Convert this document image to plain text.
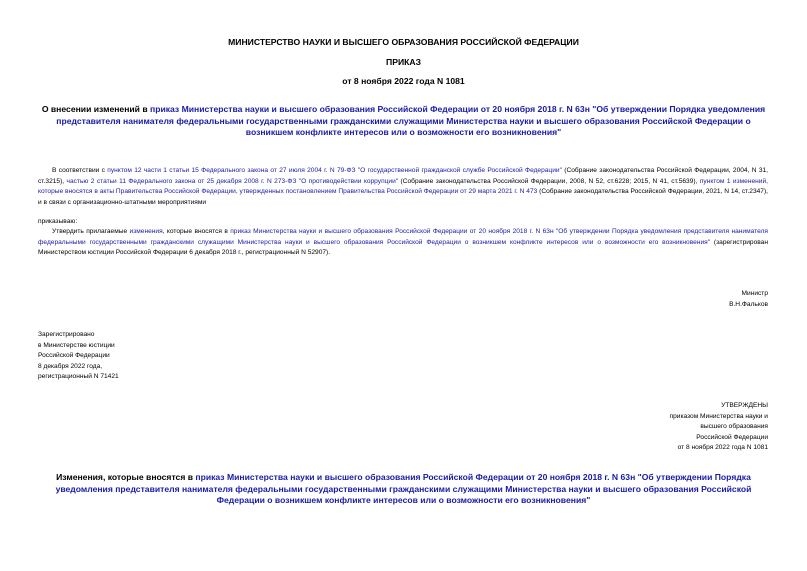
МИНИСТЕРСТВО НАУКИ И ВЫСШЕГО ОБРАЗОВАНИЯ РОССИЙСКОЙ ФЕДЕРАЦИИ
ПРИКАЗ
от 8 ноября 2022 года N 1081
О внесении изменений в приказ Министерства науки и высшего образования Российской Федерации от 20 ноября 2018 г. N 63н "Об утверждении Порядка уведомления представителя нанимателя федеральными государственными гражданскими служащими Министерства науки и высшего образования Российской Федерации о возникшем конфликте интересов или о возможности его возникновения"
В соответствии с пунктом 12 части 1 статьи 15 Федерального закона от 27 июля 2004 г. N 79-ФЗ "О государственной гражданской службе Российской Федерации" (Собрание законодательства Российской Федерации, 2004, N 31, ст.3215), частью 2 статьи 11 Федерального закона от 25 декабря 2008 г. N 273-ФЗ "О противодействии коррупции" (Собрание законодательства Российской Федерации, 2008, N 52, ст.6228; 2015, N 41, ст.5639), пунктом 1 изменений, которые вносятся в акты Правительства Российской Федерации, утвержденных постановлением Правительства Российской Федерации от 29 марта 2021 г. N 473 (Собрание законодательства Российской Федерации, 2021, N 14, ст.2347), и в связи с организационно-штатными мероприятиями
приказываю:
Утвердить прилагаемые изменения, которые вносятся в приказ Министерства науки и высшего образования Российской Федерации от 20 ноября 2018 г. N 63н "Об утверждении Порядка уведомления представителя нанимателя федеральными государственными гражданскими служащими Министерства науки и высшего образования Российской Федерации о возникшем конфликте интересов или о возможности его возникновения" (зарегистрирован Министерством юстиции Российской Федерации 6 декабря 2018 г., регистрационный N 52907).
Министр
В.Н.Фальков
Зарегистрировано
в Министерстве юстиции
Российской Федерации
8 декабря 2022 года,
регистрационный N 71421
УТВЕРЖДЕНЫ
приказом Министерства науки и
высшего образования
Российской Федерации
от 8 ноября 2022 года N 1081
Изменения, которые вносятся в приказ Министерства науки и высшего образования Российской Федерации от 20 ноября 2018 г. N 63н "Об утверждении Порядка уведомления представителя нанимателя федеральными государственными гражданскими служащими Министерства науки и высшего образования Российской Федерации о возникшем конфликте интересов или о возможности его возникновения"
